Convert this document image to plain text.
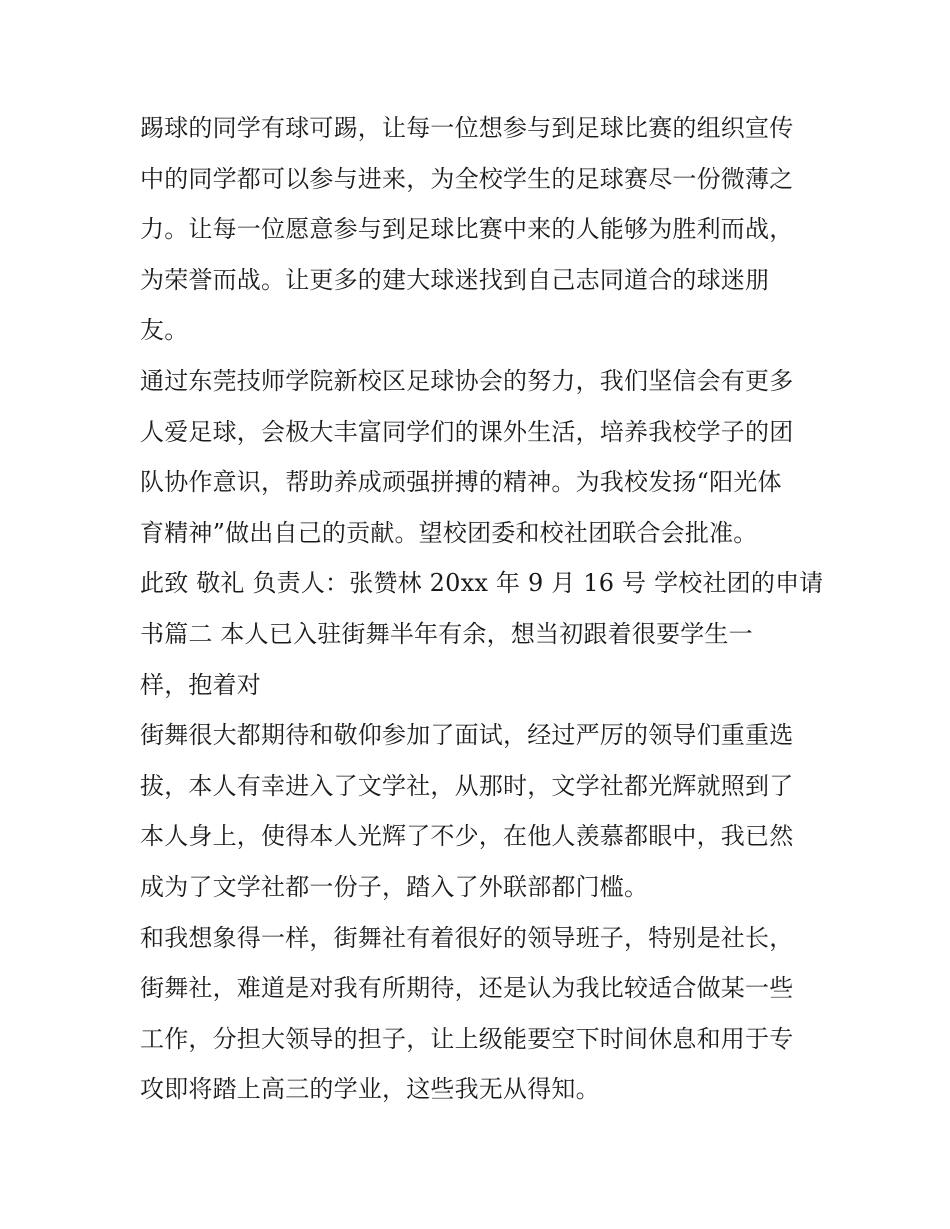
踢球的同学有球可踢，让每一位想参与到足球比赛的组织宣传
中的同学都可以参与进来，为全校学生的足球赛尽一份微薄之
力。让每一位愿意参与到足球比赛中来的人能够为胜利而战，
为荣誉而战。让更多的建大球迷找到自己志同道合的球迷朋
友。
通过东莞技师学院新校区足球协会的努力，我们坚信会有更多
人爱足球，会极大丰富同学们的课外生活，培养我校学子的团
队协作意识，帮助养成顽强拼搏的精神。为我校发扬“阳光体
育精神”做出自己的贡献。望校团委和校社团联合会批准。
此致 敬礼 负责人：张赞林 20xx 年 9 月 16 号 学校社团的申请
书篇二 本人已入驻街舞半年有余，想当初跟着很要学生一
样，抱着对
街舞很大都期待和敬仰参加了面试，经过严厉的领导们重重选
拔，本人有幸进入了文学社，从那时，文学社都光辉就照到了
本人身上，使得本人光辉了不少，在他人羡慕都眼中，我已然
成为了文学社都一份子，踏入了外联部都门槛。
和我想象得一样，街舞社有着很好的领导班子，特别是社长，
街舞社，难道是对我有所期待，还是认为我比较适合做某一些
工作，分担大领导的担子，让上级能要空下时间休息和用于专
攻即将踏上高三的学业，这些我无从得知。
